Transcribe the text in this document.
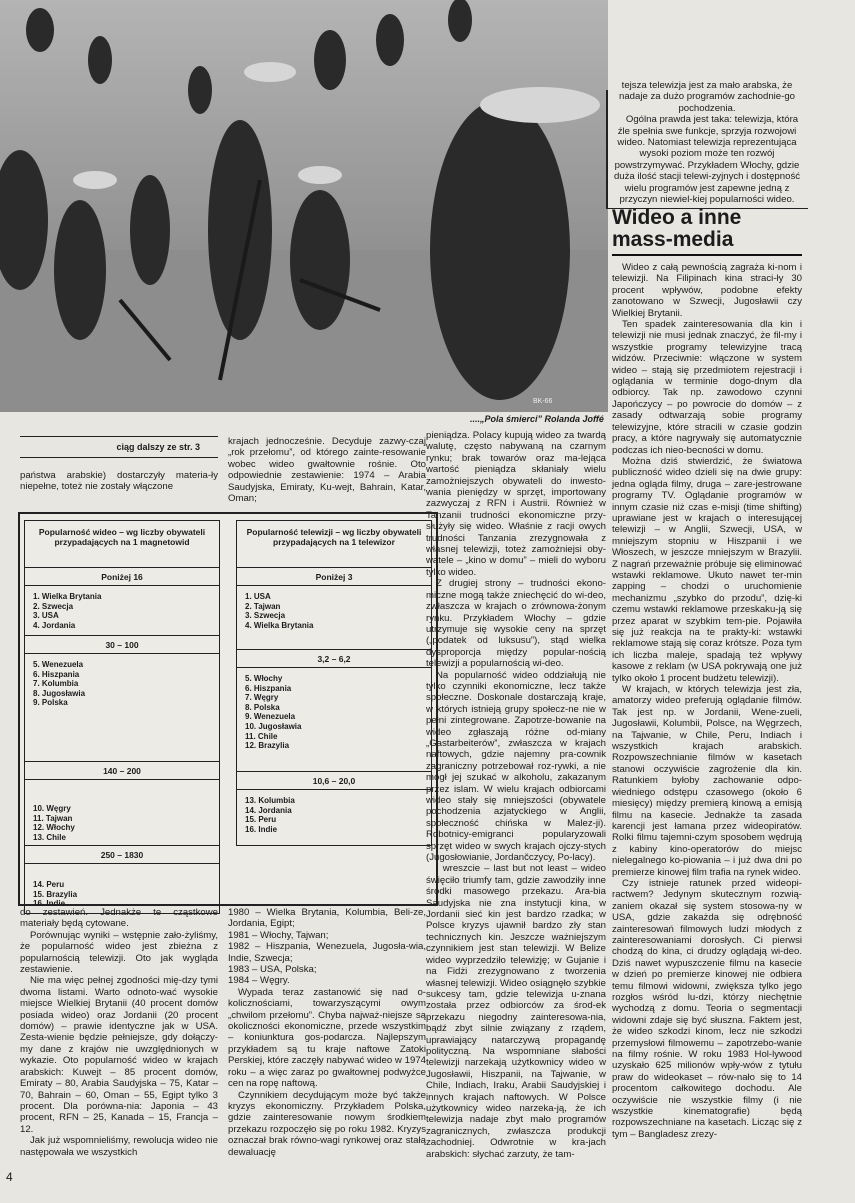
BK-66
....„Pola śmierci” Rolanda Joffé

tejsza telewizja jest za mało arabska, że nadaje za dużo programów zachodnie-go pochodzenia.

Ogólna prawda jest taka: telewizja, która źle spełnia swe funkcje, sprzyja rozwojowi wideo. Natomiast telewizja reprezentująca wysoki poziom może ten rozwój powstrzymywać. Przykładem Włochy, gdzie duża ilość stacji telewi-zyjnych i dostępność wielu programów jest zapewne jedną z przyczyn niewiel-kiej popularności wideo.

Wideo a inne mass-media
ciąg dalszy ze str. 3

państwa arabskie) dostarczyły materia-ły niepełne, toteż nie zostały włączone

krajach jednocześnie. Decyduje zazwy-czaj „rok przełomu”, od którego zainte-resowanie wobec wideo gwałtownie rośnie. Oto odpowiednie zestawienie: 1974 – Arabia Saudyjska, Emiraty, Ku-wejt, Bahrain, Katar, Oman;

Popularność wideo – wg liczby obywateli przypadających na 1 magnetowid
Poniżej 16
1. Wielka Brytania
2. Szwecja
3. USA
4. Jordania
30 – 100
5. Wenezuela
6. Hiszpania
7. Kolumbia
8. Jugosławia
9. Polska
140 – 200
10. Węgry
11. Tajwan
12. Włochy
13. Chile
250 – 1830
14. Peru
15. Brazylia
16. Indie
Popularność telewizji – wg liczby obywateli przypadających na 1 telewizor
Poniżej 3
1. USA
2. Tajwan
3. Szwecja
4. Wielka Brytania
3,2 – 6,2
5. Włochy
6. Hiszpania
7. Węgry
8. Polska
9. Wenezuela
10. Jugosławia
11. Chile
12. Brazylia
10,6 – 20,0
13. Kolumbia
14. Jordania
15. Peru
16. Indie

do zestawień. Jednakże te cząstkowe materiały będą cytowane.

Porównując wyniki – wstępnie zało-żyliśmy, że popularność wideo jest zbieżna z popularnością telewizji. Oto jak wygląda zestawienie.

Nie ma więc pełnej zgodności mię-dzy tymi dwoma listami. Warto odnoto-wać wysokie miejsce Wielkiej Brytanii (40 procent domów posiada wideo) oraz Jordanii (20 procent domów) – prawie identyczne jak w USA. Zesta-wienie będzie pełniejsze, gdy dołączy-my dane z krajów nie uwzględnionych w wykazie. Oto popularność wideo w krajach arabskich: Kuwejt – 85 procent domów, Emiraty – 80, Arabia Saudyjska – 75, Katar – 70, Bahrain – 60, Oman – 55, Egipt tylko 3 procent. Dla porówna-nia: Japonia – 43 procent, RFN – 25, Kanada – 15, Francja – 12.

Jak już wspomnieliśmy, rewolucja wideo nie następowała we wszystkich

1980 – Wielka Brytania, Kolumbia, Beli-ze, Jordania, Egipt;

1981 – Włochy, Tajwan;

1982 – Hiszpania, Wenezuela, Jugosła-wia, Indie, Szwecja;

1983 – USA, Polska;

1984 – Węgry.

Wypada teraz zastanowić się nad o-kolicznościami, towarzyszącymi owym „chwilom przełomu”. Chyba najważ-niejsze są okoliczności ekonomiczne, przede wszystkim – koniunktura gos-podarcza. Najlepszym przykładem są tu kraje naftowe Zatoki Perskiej, które zaczęły nabywać wideo w 1974 roku – a więc zaraz po gwałtownej podwyżce cen na ropę naftową.

Czynnikiem decydującym może być także kryzys ekonomiczny. Przykładem Polska, gdzie zainteresowanie nowym środkiem przekazu rozpoczęło się po roku 1982. Kryzys oznaczał brak równo-wagi rynkowej oraz stałą dewaluację

pieniądza. Polacy kupują wideo za twardą walutę, często nabywaną na czarnym rynku; brak towarów oraz ma-lejąca wartość pieniądza skłaniały wielu zamożniejszych obywateli do inwesto-wania pieniędzy w sprzęt, importowany zazwyczaj z RFN i Austrii. Również w Tanzanii trudności ekonomiczne przy-służyły się wideo. Właśnie z racji owych trudności Tanzania zrezygnowała z własnej telewizji, toteż zamożniejsi oby-watele – „kino w domu” – mieli do wyboru tylko wideo.

Z drugiej strony – trudności ekono-miczne mogą także zniechęcić do wi-deo, zwłaszcza w krajach o zrównowa-żonym rynku. Przykładem Włochy – gdzie utrzymuje się wysokie ceny na sprzęt („podatek od luksusu”), stąd wielka dysproporcja między popular-nością telewizji a popularnością wi-deo.

Na popularność wideo oddziałują nie tylko czynniki ekonomiczne, lecz także społeczne. Doskonale dostarczają kraje, w których istnieją grupy społecz-ne nie w pełni zintegrowane. Zapotrze-bowanie na wideo zgłaszają różne od-miany „Gastarbeiterów”, zwłaszcza w krajach naftowych, gdzie najemny pra-cownik zagraniczny potrzebował roz-rywki, a nie mógł jej szukać w alkoholu, zakazanym przez islam. W wielu krajach odbiorcami wideo stały się mniejszości (obywatele pochodzenia azjatyckiego w Anglii, społeczność chińska w Malez-ji). Robotnicy-emigranci popularyzowali sprzęt wideo w swych krajach ojczy-stych (Jugosłowianie, Jordančczycy, Po-lacy).

I wreszcie – last but not least – wideo święciło triumfy tam, gdzie zawodziły inne środki masowego przekazu. Ara-bia Saudyjska nie zna instytucji kina, w Jordanii sieć kin jest bardzo rzadka; w Polsce kryzys ujawnił bardzo zły stan technicznych kin. Jeszcze ważniejszym czynnikiem jest stan telewizji. W Belize wideo wyprzedziło telewizję; w Gujanie i na Fidżi zrezygnowano z tworzenia własnej telewizji. Wideo osiągnęło szybkie sukcesy tam, gdzie telewizja u-znana została przez odbiorców za środ-ek przekazu niegodny zainteresowa-nia, bądź zbyt silnie związany z rządem, uprawiający natarczywą propagandę polityczną. Na wspomniane słabości telewizji narzekają użytkownicy wideo w Jugosławii, Hiszpanii, na Tajwanie, w Chile, Indiach, Iraku, Arabii Saudyjskiej i innych krajach naftowych. W Polsce użytkownicy wideo narzeka-ją, że ich telewizja nadaje zbyt mało programów zagranicznych, zwłaszcza produkcji zachodniej. Odwrotnie w kra-jach arabskich: słychać zarzuty, że tam-

Wideo z całą pewnością zagraża ki-nom i telewizji. Na Filipinach kina straci-ły 30 procent wpływów, podobne efekty zanotowano w Szwecji, Jugosławii czy Wielkiej Brytanii.

Ten spadek zainteresowania dla kin i telewizji nie musi jednak znaczyć, że fil-my i wszystkie programy telewizyjne tracą widzów. Przeciwnie: włączone w system wideo – stają się przedmiotem rejestracji i oglądania w terminie dogo-dnym dla odbiorcy. Tak np. zawodowo czynni Japończycy – po powrocie do domów – z zasady odtwarzają sobie programy telewizyjne, które stracili w czasie godzin pracy, a które nagrywały się automatycznie podczas ich nieo-becności w domu.

Można dziś stwierdzić, że światowa publiczność wideo dzieli się na dwie grupy: jedna ogląda filmy, druga – zare-jestrowane programy TV. Oglądanie programów w innym czasie niż czas e-misji (time shifting) uprawiane jest w krajach o interesującej telewizji – w Anglii, Szwecji, USA, w mniejszym stopniu w Hiszpanii i we Włoszech, w jeszcze mniejszym w Brazylii. Z nagrań przeważnie próbuje się eliminować wstawki reklamowe. Ukuto nawet ter-min zapping – chodzi o uruchomienie mechanizmu „szybko do przodu”, dzię-ki czemu wstawki reklamowe przeskaku-ją się przez aparat w szybkim tem-pie. Pojawiła się już reakcja na te prakty-ki: wstawki reklamowe stają się coraz krótsze. Poza tym ich liczba maleje, spadają też wpływy kasowe z reklam (w USA pokrywają one już tylko około 1 procent budżetu telewizji).

W krajach, w których telewizja jest zła, amatorzy wideo preferują oglądanie filmów. Tak jest np. w Jordanii, Wene-zueli, Jugosławii, Kolumbii, Polsce, na Węgrzech, na Tajwanie, w Chile, Peru, Indiach i wszystkich krajach arabskich. Rozpowszechnianie filmów w kasetach stanowi oczywiście zagrożenie dla kin. Ratunkiem byłoby zachowanie odpo-wiedniego odstępu czasowego (około 6 miesięcy) między premierą kinową a emisją filmu na kasecie. Jednakże ta zasada karencji jest łamana przez wideopiratów. Rolki filmu tajemni-czym sposobem wędrują z kabiny kino-operatorów do miejsc nielegalnego ko-piowania – i już dwa dni po premierze kinowej film trafia na rynek wideo.

Czy istnieje ratunek przed wideopi-ractwem? Jedynym skutecznym rozwią-zaniem okazał się system stosowa-ny w USA, gdzie zakażda się odrębność zainteresowań filmowych ludzi młodych z zainteresowaniami dorosłych. Ci pierwsi chodzą do kina, ci drudzy oglądają wi-deo. Dziś nawet wypuszczenie filmu na kasecie w dzień po premierze kinowej nie odbiera temu filmowi widowni, zwiększa tylko jego rozgłos wśród lu-dzi, którzy niechętnie wychodzą z domu. Teoria o segmentacji widowni zdaje się być słuszna. Faktem jest, że wideo szkodzi kinom, lecz nie szkodzi przemysłowi filmowemu – zapotrzebo-wanie na filmy rośnie. W roku 1983 Hol-lywood uzyskało 625 milionów wpły-wów z tytułu praw do wideokaset – rów-nało się to 14 procentom całkowitego dochodu. Ale oczywiście nie wszystkie filmy (i nie wszystkie kinematografie) będą rozpowszechniane na kasetach. Licząc się z tym – Bangladesz zrezy-

4
